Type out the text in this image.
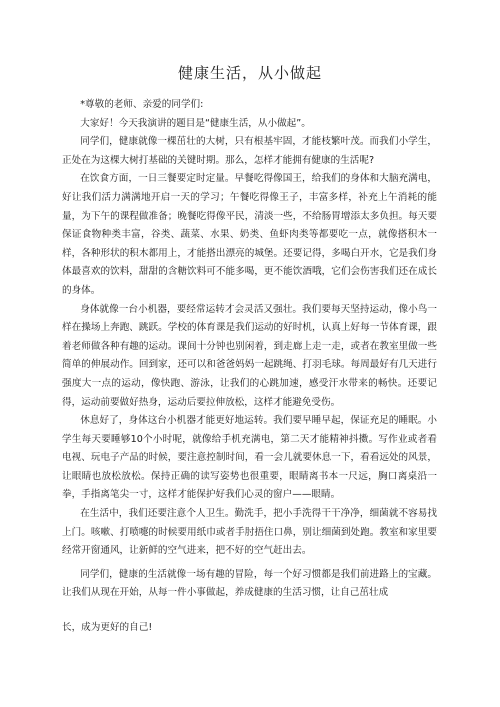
健康生活，从小做起

*尊敬的老师、亲爱的同学们:

大家好！今天我演讲的题目是“健康生活，从小做起”。

同学们，健康就像一棵茁壮的大树，只有根基牢固，才能枝繁叶茂。而我们小学生，正处在为这棵大树打基础的关键时期。那么，怎样才能拥有健康的生活呢?

在饮食方面，一日三餐要定时定量。早餐吃得像国王，给我们的身体和大脑充满电，好让我们活力满满地开启一天的学习；午餐吃得像王子，丰富多样，补充上午消耗的能量，为下午的课程做准备；晚餐吃得像平民，清淡一些，不给肠胃增添太多负担。每天要保证食物种类丰富，谷类、蔬菜、水果、奶类、鱼虾肉类等都要吃一点，就像搭积木一样，各种形状的积木都用上，才能搭出漂亮的城堡。还要记得，多喝白开水，它是我们身体最喜欢的饮料，甜甜的含糖饮料可不能多喝，更不能饮酒哦，它们会伤害我们还在成长的身体。

身体就像一台小机器，要经常运转才会灵活又强壮。我们要每天坚持运动，像小鸟一样在操场上奔跑、跳跃。学校的体育课是我们运动的好时机，认真上好每一节体育课，跟着老师做各种有趣的运动。课间十分钟也别闲着，到走廊上走一走，或者在教室里做一些简单的伸展动作。回到家，还可以和爸爸妈妈一起跳绳、打羽毛球。每周最好有几天进行强度大一点的运动，像快跑、游泳，让我们的心跳加速，感受汗水带来的畅快。还要记得，运动前要做好热身，运动后要拉伸放松，这样才能避免受伤。

休息好了，身体这台小机器才能更好地运转。我们要早睡早起，保证充足的睡眠。小学生每天要睡够10个小时呢，就像给手机充满电，第二天才能精神抖擞。写作业或者看电视、玩电子产品的时候，要注意控制时间，看一会儿就要休息一下，看看远处的风景，让眼睛也放松放松。保持正确的读写姿势也很重要，眼睛离书本一尺远，胸口离桌沿一拳，手指离笔尖一寸，这样才能保护好我们心灵的窗户——眼睛。

在生活中，我们还要注意个人卫生。勤洗手，把小手洗得干干净净，细菌就不容易找上门。咳嗽、打喷嚏的时候要用纸巾或者手肘捂住口鼻，别让细菌到处跑。教室和家里要经常开窗通风，让新鲜的空气进来，把不好的空气赶出去。

同学们，健康的生活就像一场有趣的冒险，每一个好习惯都是我们前进路上的宝藏。让我们从现在开始，从每一件小事做起，养成健康的生活习惯，让自己茁壮成

长，成为更好的自己!
